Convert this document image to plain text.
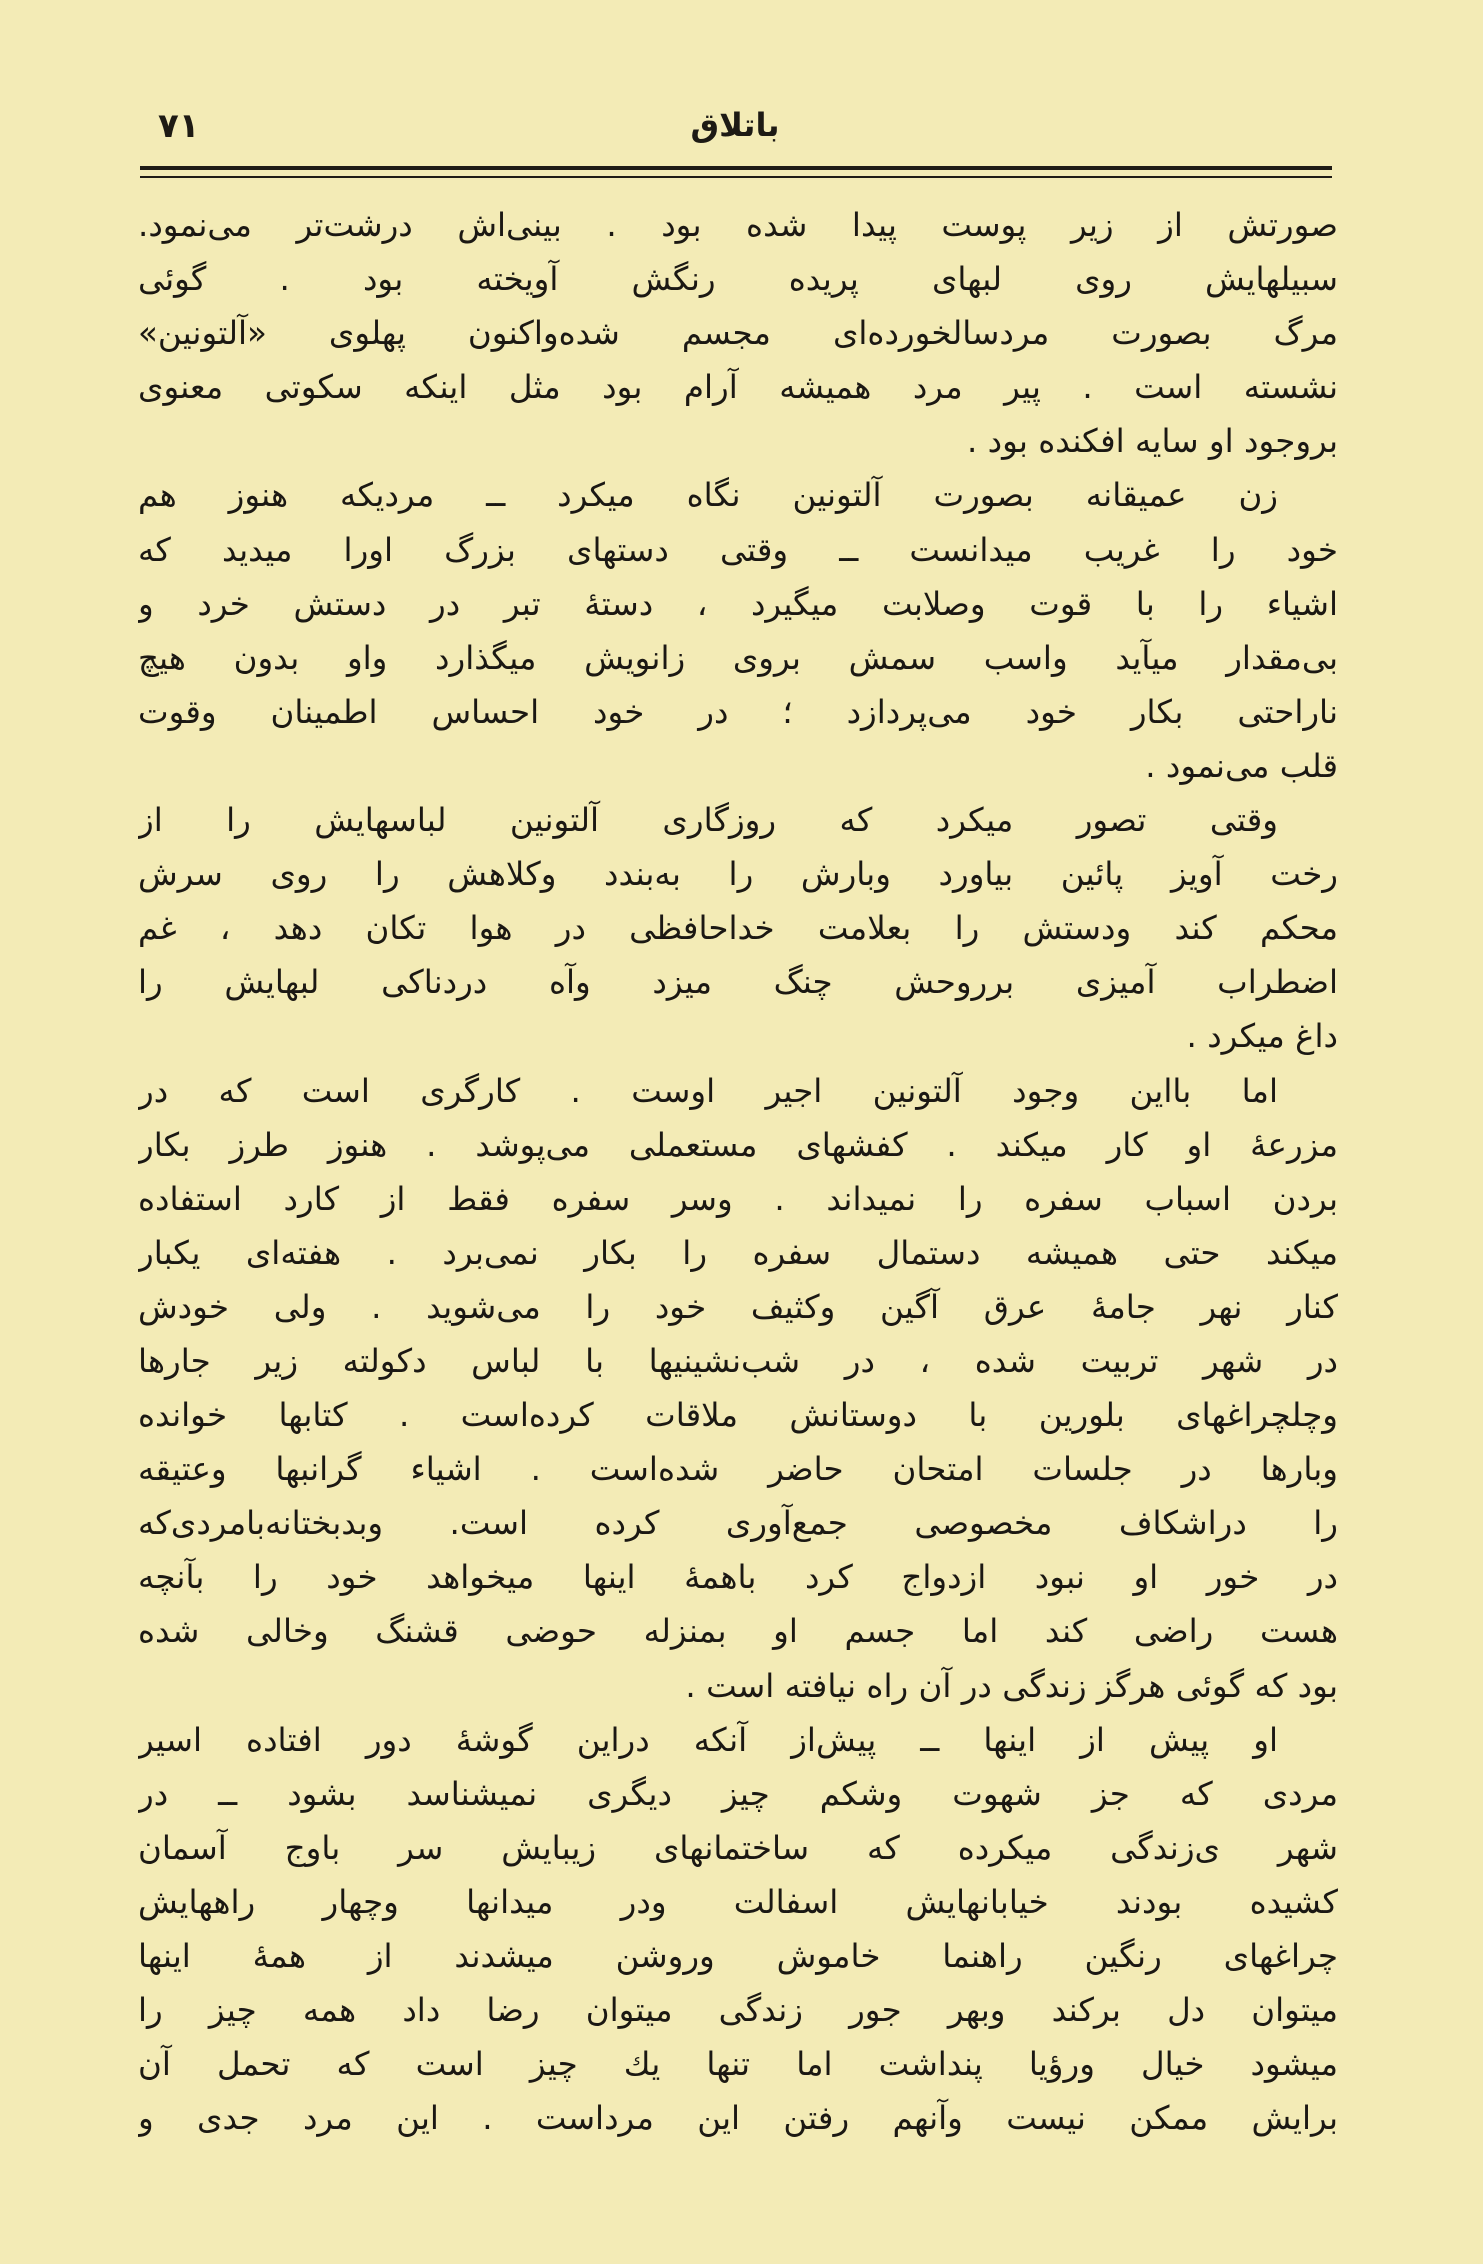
باتلاق
٧١
صورتش از زیر پوست پیدا شده بود . بینی‌اش درشت‌تر می‌نمود.
سبیلهایش روی لبهای پریده رنگش آویخته بود . گوئی
مرگ بصورت مردسالخورده‌ای مجسم شده‌واکنون پهلوی «آلتونین»
نشسته است . پیر مرد همیشه آرام بود مثل اینکه سکوتی معنوی
بروجود او سایه افکنده بود .
زن عمیقانه بصورت آلتونین نگاه میکرد ــ مردیکه هنوز هم
خود را غریب میدانست ــ وقتی دستهای بزرگ اورا میدید که
اشیاء را با قوت وصلابت میگیرد ، دستهٔ تبر در دستش خرد و
بی‌مقدار میآید واسب سمش بروی زانویش میگذارد واو بدون هیچ
ناراحتی بکار خود می‌پردازد ؛ در خود احساس اطمینان وقوت
قلب می‌نمود .
وقتی تصور میکرد که روزگاری آلتونین لباسهایش را از
رخت آویز پائین بیاورد وبارش را به‌بندد وکلاهش را روی سرش
محکم کند ودستش را بعلامت خداحافظی در هوا تکان دهد ، غم
اضطراب آمیزی برروحش چنگ میزد وآه دردناکی لبهایش را
داغ میکرد .
اما بااین وجود آلتونین اجیر اوست . کارگری است که در
مزرعهٔ او کار میکند . کفشهای مستعملی می‌پوشد . هنوز طرز بکار
بردن اسباب سفره را نمیداند . وسر سفره فقط از کارد استفاده
میکند حتی همیشه دستمال سفره را بکار نمی‌برد . هفته‌ای یکبار
کنار نهر جامهٔ عرق آگین وکثیف خود را می‌شوید . ولی خودش
در شهر تربیت شده ، در شب‌نشینیها با لباس دکولته زیر جارها
وچلچراغهای بلورین با دوستانش ملاقات کرده‌است . کتابها خوانده
وبارها در جلسات امتحان حاضر شده‌است . اشیاء گرانبها وعتیقه
را دراشکاف مخصوصی جمع‌آوری کرده است. وبدبختانه‌بامردی‌که
در خور او نبود ازدواج کرد باهمهٔ اینها میخواهد خود را بآنچه
هست راضی کند اما جسم او بمنزله حوضی قشنگ وخالی شده
بود که گوئی هرگز زندگی در آن راه نیافته است .
او پیش از اینها ــ پیش‌از آنکه دراین گوشهٔ دور افتاده اسیر
مردی که جز شهوت وشکم چیز دیگری نمیشناسد بشود ــ در
شهر ی‌زندگی میکرده که ساختمانهای زیبایش سر باوج آسمان
کشیده بودند خیابانهایش اسفالت ودر میدانها وچهار راههایش
چراغهای رنگین راهنما خاموش وروشن میشدند از همهٔ اینها
میتوان دل برکند وبهر جور زندگی میتوان رضا داد همه چیز را
میشود خیال ورؤیا پنداشت اما تنها یك چیز است که تحمل آن
برایش ممکن نیست وآنهم رفتن این مرداست . این مرد جدی و
